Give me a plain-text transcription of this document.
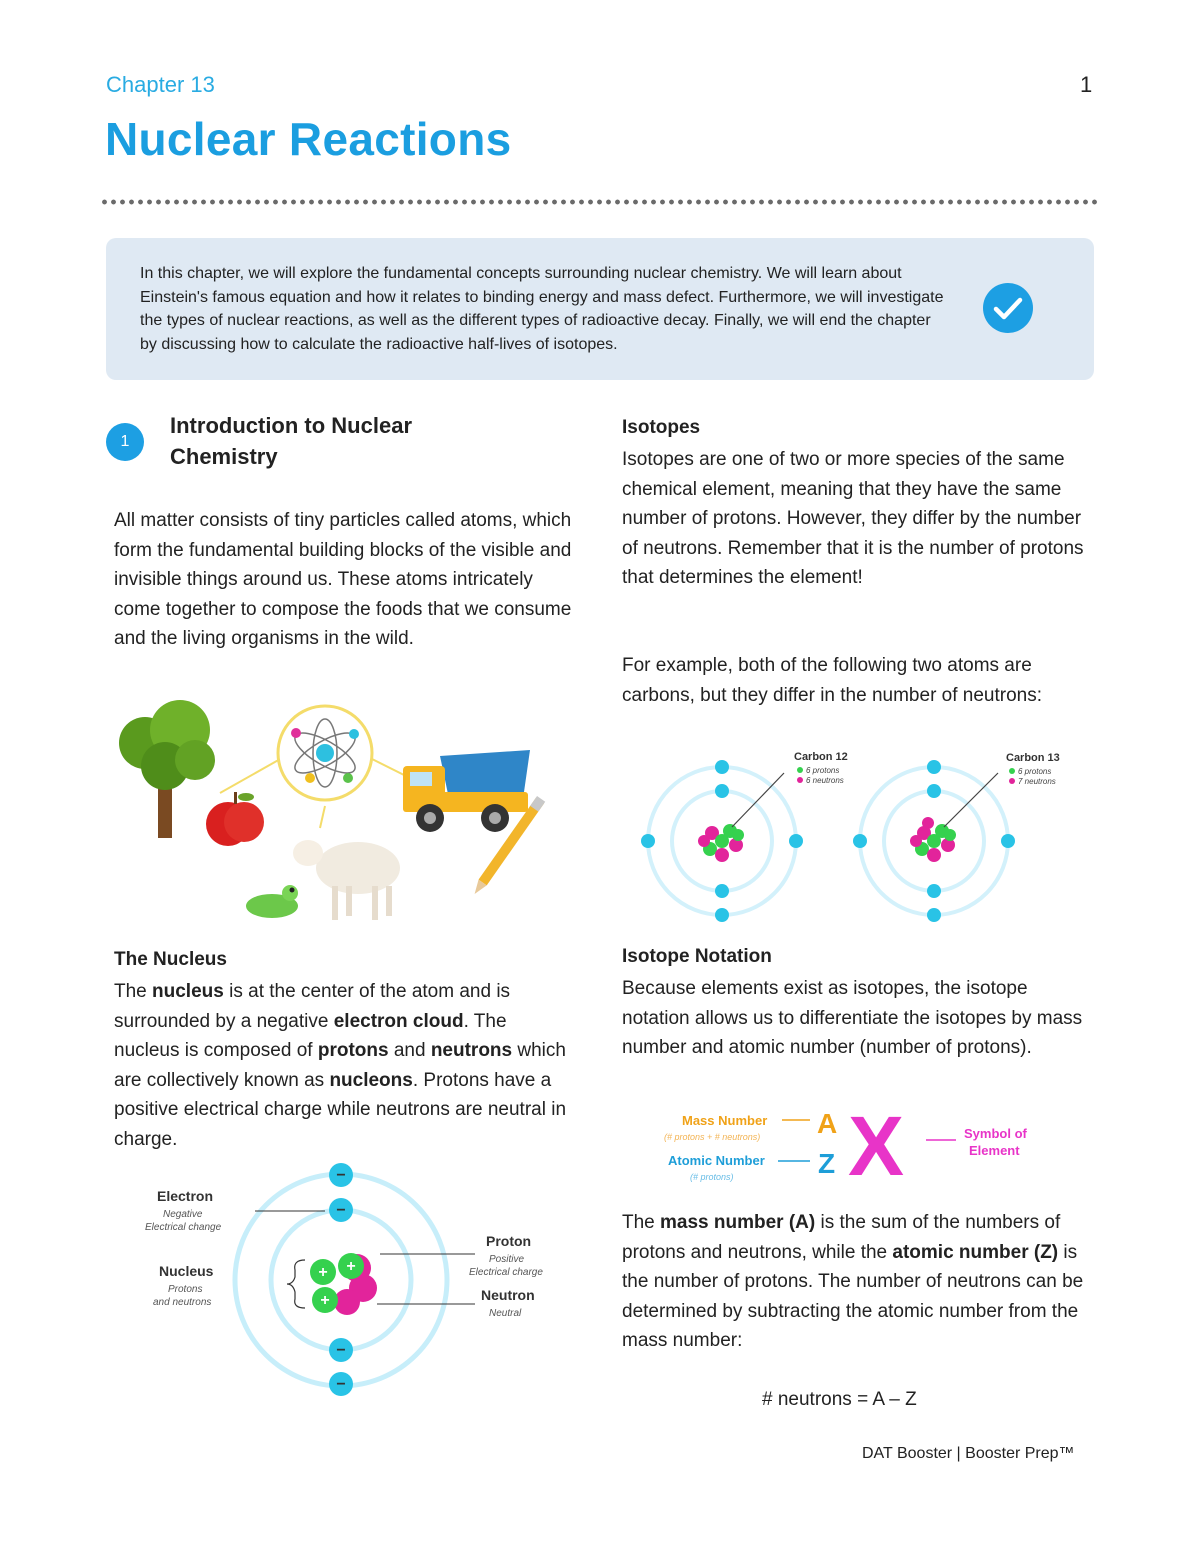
Chapter 13	1
Nuclear Reactions
In this chapter, we will explore the fundamental concepts surrounding nuclear chemistry. We will learn about Einstein's famous equation and how it relates to binding energy and mass defect. Furthermore, we will investigate the types of nuclear reactions, as well as the different types of radioactive decay. Finally, we will end the chapter by discussing how to calculate the radioactive half-lives of isotopes.
1
Introduction to Nuclear
Chemistry
All matter consists of tiny particles called atoms, which form the fundamental building blocks of the visible and invisible things around us. These atoms intricately come together to compose the foods that we consume and the living organisms in the wild.
The Nucleus
The nucleus is at the center of the atom and is surrounded by a negative electron cloud. The nucleus is composed of protons and neutrons which are collectively known as nucleons. Protons have a positive electrical charge while neutrons are neutral in charge.
+ +
+
−
−
−
−
Electron
Negative
Electrical change
Nucleus
Protons
and neutrons
Proton
Positive
Electrical charge
Neutron
Neutral
Isotopes
Isotopes are one of two or more species of the same chemical element, meaning that they have the same number of protons. However, they differ by the number of neutrons. Remember that it is the number of protons that determines the element!
For example, both of the following two atoms are carbons, but they differ in the number of neutrons:
Carbon 12
6 protons
6 neutrons
Carbon 13
6 protons
7 neutrons
Isotope Notation
Because elements exist as isotopes, the isotope notation allows us to differentiate the isotopes by mass number and atomic number (number of protons).
Mass Number
(# protons + # neutrons) A
Atomic Number
(# protons)	Z X	Symbol of
Element
The mass number (A) is the sum of the numbers of protons and neutrons, while the atomic number (Z) is the number of protons. The number of neutrons can be determined by subtracting the atomic number from the mass number:
# neutrons = A – Z
DAT Booster | Booster Prep™
